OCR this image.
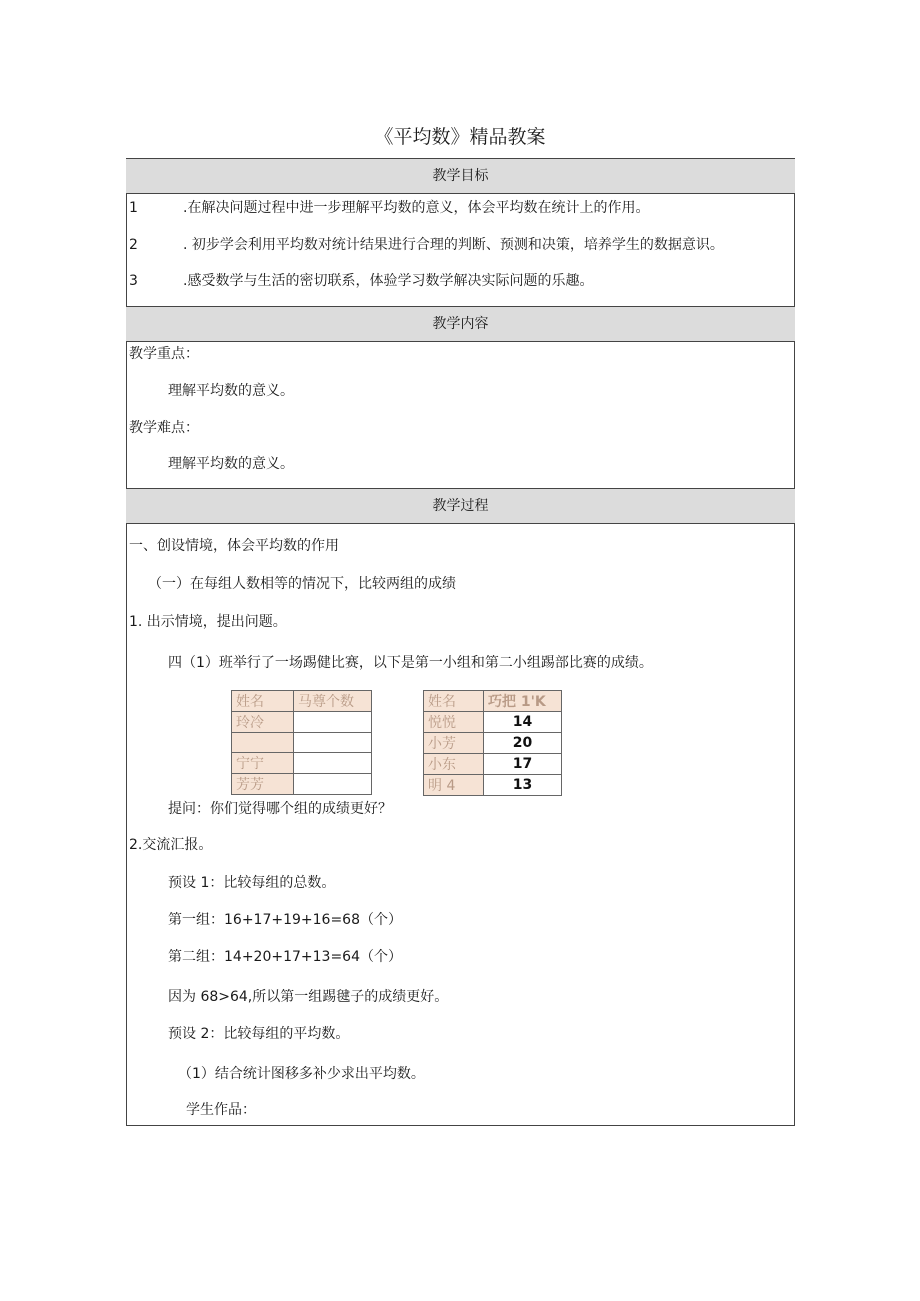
《平均数》精品教案
教学目标
1	.在解决问题过程中进一步理解平均数的意义，体会平均数在统计上的作用。
2	. 初步学会利用平均数对统计结果进行合理的判断、预测和决策，培养学生的数据意识。
3	.感受数学与生活的密切联系，体验学习数学解决实际问题的乐趣。
教学内容
教学重点：
理解平均数的意义。
教学难点：
理解平均数的意义。
教学过程
一、创设情境，体会平均数的作用
（一）在每组人数相等的情况下，比较两组的成绩
1. 出示情境，提出问题。
四（1）班举行了一场踢健比赛，以下是第一小组和第二小组踢部比赛的成绩。
姓名	马尊个数
玲冷	

宁宁	
芳芳	
姓名	巧把 1'K
悦悦	14
小芳	20
小东	17
明 4	13
提问：你们觉得哪个组的成绩更好？
2.交流汇报。
预设 1：比较每组的总数。
第一组：16+17+19+16=68（个）
第二组：14+20+17+13=64（个）
因为 68>64,所以第一组踢毽子的成绩更好。
预设 2：比较每组的平均数。
（1）结合统计图移多补少求出平均数。
学生作品：
